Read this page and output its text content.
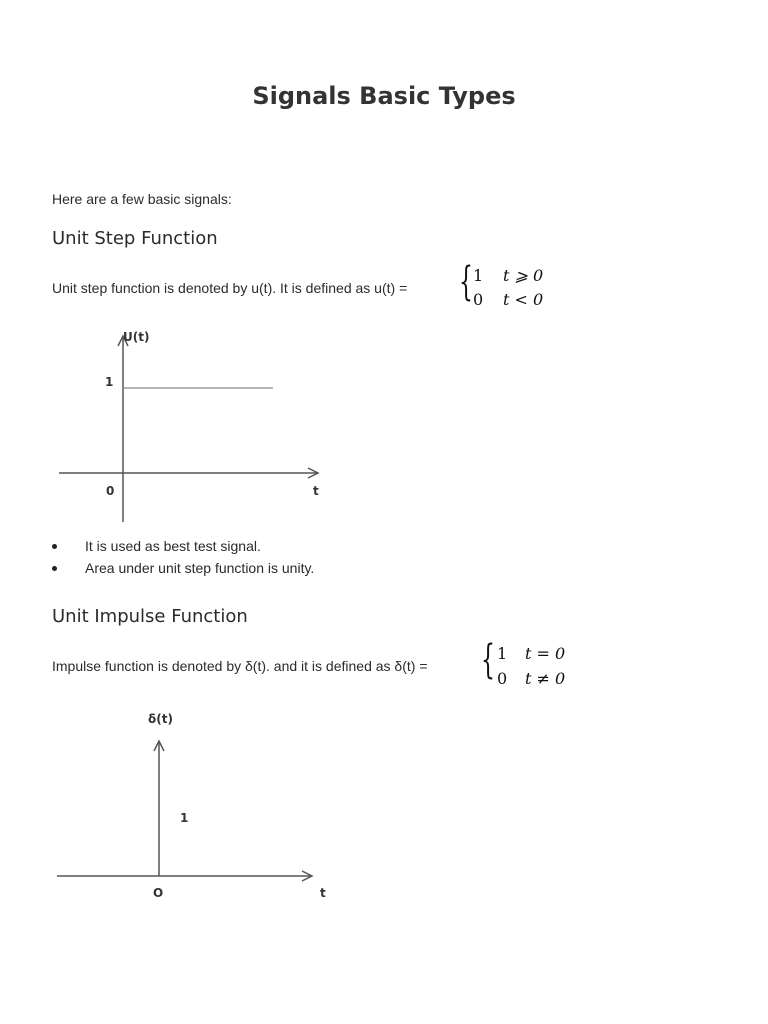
Signals Basic Types

Here are a few basic signals:

Unit Step Function

Unit step function is denoted by u(t). It is defined as u(t) = { 1 t ⩾ 0
0 t < 0
U(t)
1
0	t
It is used as best test signal.
Area under unit step function is unity.
Unit Impulse Function

Impulse function is denoted by δ(t). and it is defined as δ(t) = { 1 t = 0
0 t ≠ 0
δ(t)
1
O	t
